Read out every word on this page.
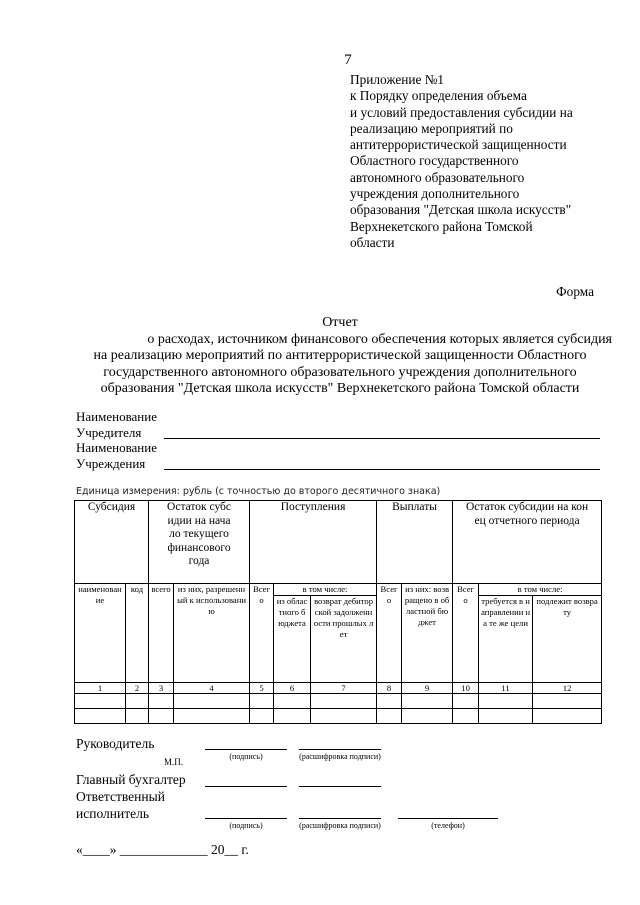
7
Приложение №1
к Порядку определения объема
и условий предоставления субсидии на
реализацию мероприятий по
антитеррористической защищенности
Областного государственного
автономного образовательного
учреждения дополнительного
образования "Детская школа искусств"
Верхнекетского района Томской
области
Форма
Отчет
о расходах, источником финансового обеспечения которых является субсидия
на реализацию мероприятий по антитеррористической защищенности Областного
государственного автономного образовательного учреждения дополнительного
образования "Детская школа искусств" Верхнекетского района Томской области
Наименование
Учредителя
Наименование
Учреждения
Единица измерения: рубль (с точностью до второго десятичного знака)
Субсидия		Остаток субсидии на начало текущего финансового года		Поступления			Выплаты		Остаток субсидии на конец отчетного периода		
наименование	код	всего	из них, разрешенный к использованию	Всего	в том числе:		Всего	из них: возвращено в областной бюджет	Всего	в том числе:	
					из областного бюджета	возврат дебиторской задолженности прошлых лет				требуется в направлении на те же цели	подлежит возврату
1	2	3	4	5	6	7	8	9	10	11	12

Руководитель
(подпись)	(расшифровка подписи)
М.П.
Главный бухгалтер
Ответственный
исполнитель
(подпись)	(расшифровка подписи)	(телефон)
«____» _____________ 20__ г.
